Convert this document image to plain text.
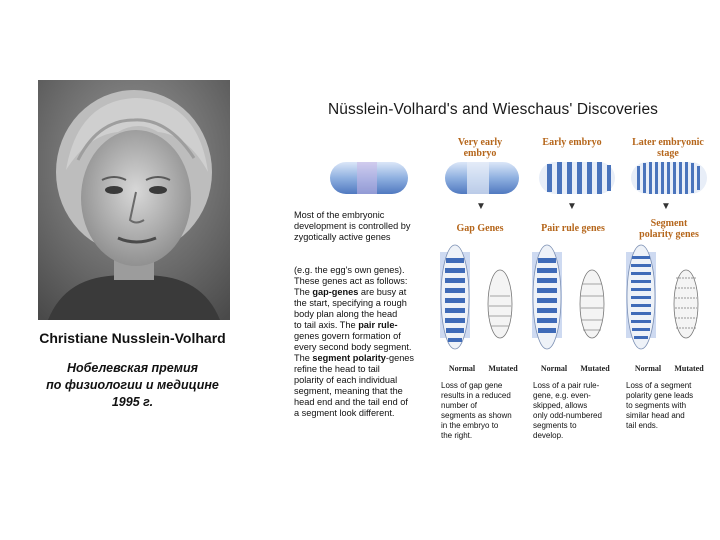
Christiane Nusslein-Volhard
Нобелевская премия
по физиологии и медицине
1995 г.
Nüsslein-Volhard's and Wieschaus' Discoveries
Very early
embryo
Early embryo	Later embryonic
stage
▼	▼	▼
Gap Genes	Pair rule genes	Segment
polarity genes
Most of the embryonic
development is controlled by
zygotically active genes
(e.g. the egg's own genes).
These genes act as follows:
The gap-genes are busy at
the start, specifying a rough
body plan along the head
to tail axis. The pair rule-
genes govern formation of
every second body segment.
The segment polarity-genes
refine the head to tail
polarity of each individual
segment, meaning that the
head end and the tail end of
a segment look different.
Normal	Mutated	Normal	Mutated	Normal	Mutated
Loss of gap gene
results in a reduced
number of
segments as shown
in the embryo to
the right.
Loss of a pair rule-
gene, e.g. even-
skipped, allows
only odd-numbered
segments to
develop.
Loss of a segment
polarity gene leads
to segments with
similar head and
tail ends.
